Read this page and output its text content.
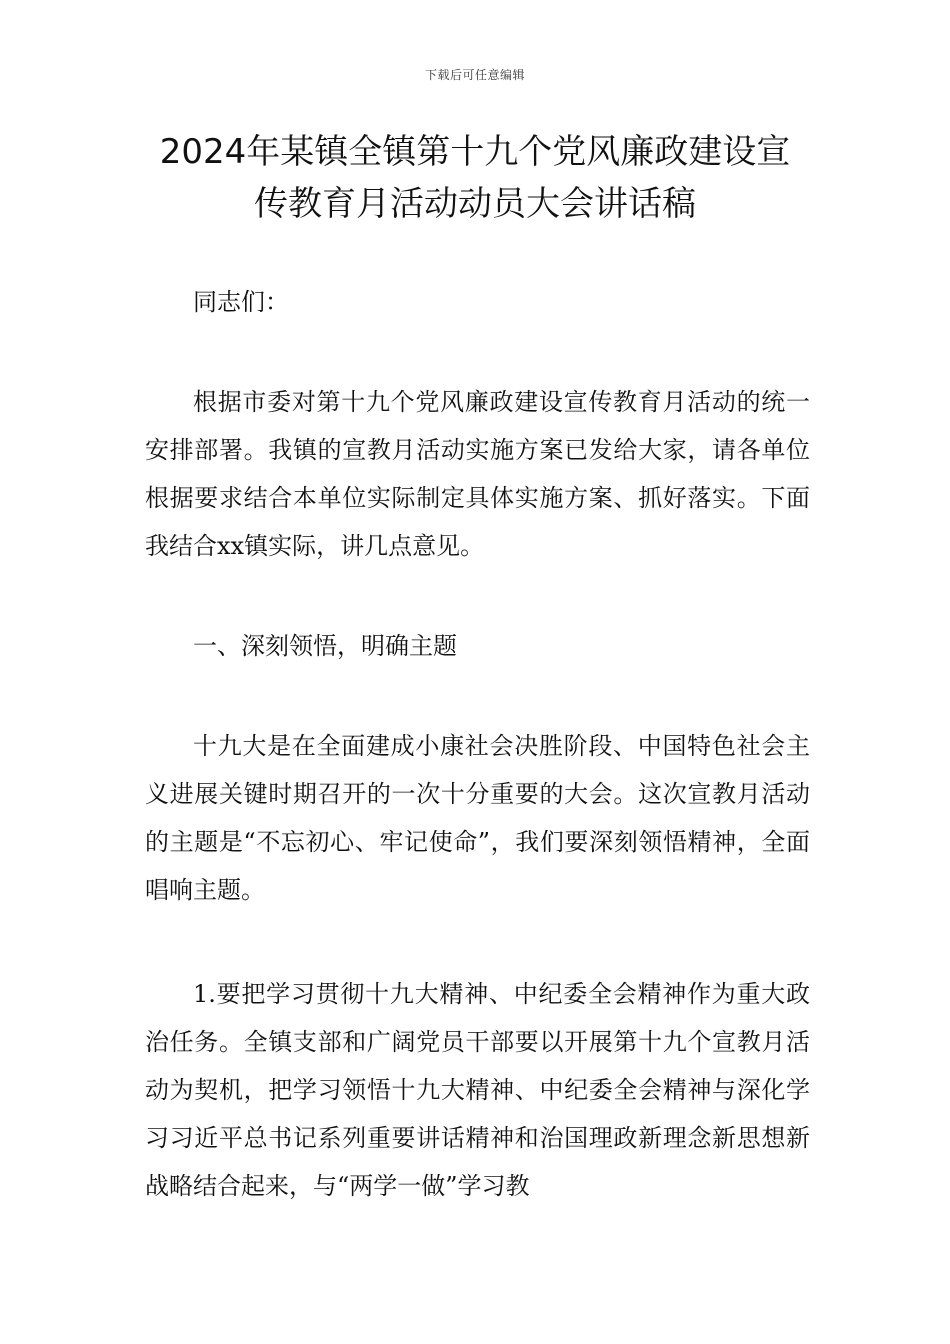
下载后可任意编辑
2024年某镇全镇第十九个党风廉政建设宣
传教育月活动动员大会讲话稿

同志们：

根据市委对第十九个党风廉政建设宣传教育月活动的统一安排部署。我镇的宣教月活动实施方案已发给大家，请各单位根据要求结合本单位实际制定具体实施方案、抓好落实。下面我结合xx镇实际，讲几点意见。

一、深刻领悟，明确主题

十九大是在全面建成小康社会决胜阶段、中国特色社会主义进展关键时期召开的一次十分重要的大会。这次宣教月活动的主题是“不忘初心、牢记使命”，我们要深刻领悟精神，全面唱响主题。

1.要把学习贯彻十九大精神、中纪委全会精神作为重大政治任务。全镇支部和广阔党员干部要以开展第十九个宣教月活动为契机，把学习领悟十九大精神、中纪委全会精神与深化学习习近平总书记系列重要讲话精神和治国理政新理念新思想新战略结合起来，与“两学一做”学习教
